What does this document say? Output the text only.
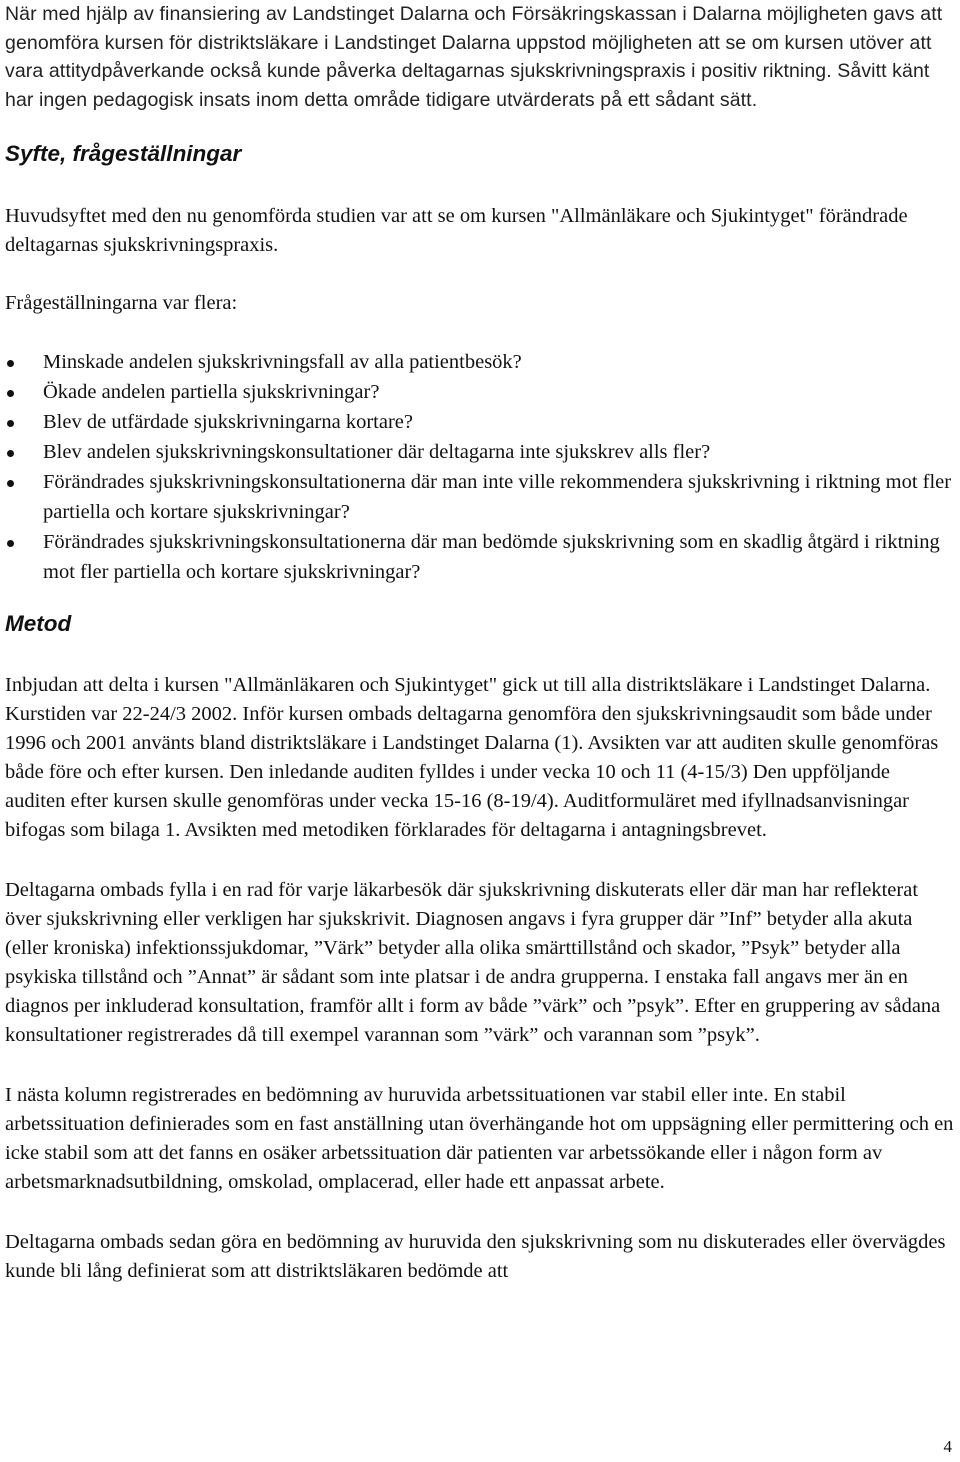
När med hjälp av finansiering av Landstinget Dalarna och Försäkringskassan i Dalarna möjligheten gavs att genomföra kursen för distriktsläkare i Landstinget Dalarna uppstod möjligheten att se om kursen utöver att vara attitydpåverkande också kunde påverka deltagarnas sjukskrivningspraxis i positiv riktning. Såvitt känt har ingen pedagogisk insats inom detta område tidigare utvärderats på ett sådant sätt.

Syfte, frågeställningar

Huvudsyftet med den nu genomförda studien var att se om kursen "Allmänläkare och Sjukintyget" förändrade deltagarnas sjukskrivningspraxis.

Frågeställningarna var flera:

Minskade andelen sjukskrivningsfall av alla patientbesök?
Ökade andelen partiella sjukskrivningar?
Blev de utfärdade sjukskrivningarna kortare?
Blev andelen sjukskrivningskonsultationer där deltagarna inte sjukskrev alls fler?
Förändrades sjukskrivningskonsultationerna där man inte ville rekommendera sjukskrivning i riktning mot fler partiella och kortare sjukskrivningar?
Förändrades sjukskrivningskonsultationerna där man bedömde sjukskrivning som en skadlig åtgärd i riktning mot fler partiella och kortare sjukskrivningar?
Metod

Inbjudan att delta i kursen "Allmänläkaren och Sjukintyget" gick ut till alla distriktsläkare i Landstinget Dalarna. Kurstiden var 22-24/3 2002. Inför kursen ombads deltagarna genomföra den sjukskrivningsaudit som både under 1996 och 2001 använts bland distriktsläkare i Landstinget Dalarna (1). Avsikten var att auditen skulle genomföras både före och efter kursen. Den inledande auditen fylldes i under vecka 10 och 11 (4-15/3) Den uppföljande auditen efter kursen skulle genomföras under vecka 15-16 (8-19/4). Auditformuläret med ifyllnadsanvisningar bifogas som bilaga 1. Avsikten med metodiken förklarades för deltagarna i antagningsbrevet.

Deltagarna ombads fylla i en rad för varje läkarbesök där sjukskrivning diskuterats eller där man har reflekterat över sjukskrivning eller verkligen har sjukskrivit. Diagnosen angavs i fyra grupper där ”Inf” betyder alla akuta (eller kroniska) infektionssjukdomar, ”Värk” betyder alla olika smärttillstånd och skador, ”Psyk” betyder alla psykiska tillstånd och ”Annat” är sådant som inte platsar i de andra grupperna. I enstaka fall angavs mer än en diagnos per inkluderad konsultation, framför allt i form av både ”värk” och ”psyk”. Efter en gruppering av sådana konsultationer registrerades då till exempel varannan som ”värk” och varannan som ”psyk”.

I nästa kolumn registrerades en bedömning av huruvida arbetssituationen var stabil eller inte. En stabil arbetssituation definierades som en fast anställning utan överhängande hot om uppsägning eller permittering och en icke stabil som att det fanns en osäker arbetssituation där patienten var arbetssökande eller i någon form av arbetsmarknadsutbildning, omskolad, omplacerad, eller hade ett anpassat arbete.

Deltagarna ombads sedan göra en bedömning av huruvida den sjukskrivning som nu diskuterades eller övervägdes kunde bli lång definierat som att distriktsläkaren bedömde att

4
